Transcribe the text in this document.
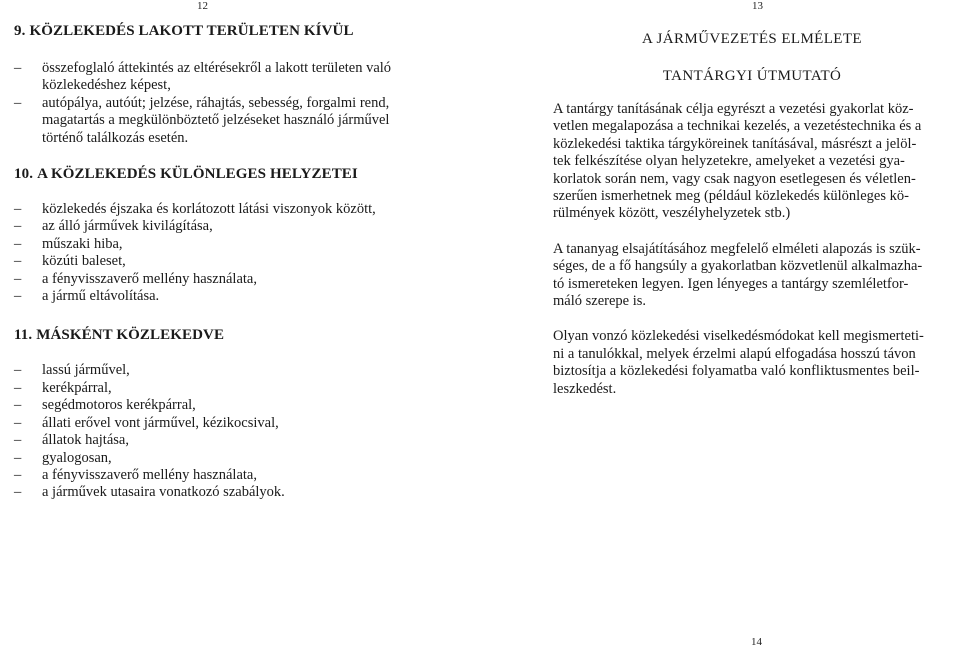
12	13
14
9. KÖZLEKEDÉS LAKOTT TERÜLETEN KÍVÜL
– összefoglaló áttekintés az eltérésekről a lakott területen való
közlekedéshez képest,
– autópálya, autóút; jelzése, ráhajtás, sebesség, forgalmi rend,
magatartás a megkülönböztető jelzéseket használó járművel
történő találkozás esetén.
10. A KÖZLEKEDÉS KÜLÖNLEGES HELYZETEI
– közlekedés éjszaka és korlátozott látási viszonyok között,
– az álló járművek kivilágítása,
– műszaki hiba,
– közúti baleset,
– a fényvisszaverő mellény használata,
– a jármű eltávolítása.
11. MÁSKÉNT KÖZLEKEDVE
– lassú járművel,
– kerékpárral,
– segédmotoros kerékpárral,
– állati erővel vont járművel, kézikocsival,
– állatok hajtása,
– gyalogosan,
– a fényvisszaverő mellény használata,
– a járművek utasaira vonatkozó szabályok.
A JÁRMŰVEZETÉS ELMÉLETE
TANTÁRGYI ÚTMUTATÓ
A tantárgy tanításának célja egyrészt a vezetési gyakorlat köz-
vetlen megalapozása a technikai kezelés, a vezetéstechnika és a
közlekedési taktika tárgyköreinek tanításával, másrészt a jelöl-
tek felkészítése olyan helyzetekre, amelyeket a vezetési gya-
korlatok során nem, vagy csak nagyon esetlegesen és véletlen-
szerűen ismerhetnek meg (például közlekedés különleges kö-
rülmények között, veszélyhelyzetek stb.)
A tananyag elsajátításához megfelelő elméleti alapozás is szük-
séges, de a fő hangsúly a gyakorlatban közvetlenül alkalmazha-
tó ismereteken legyen. Igen lényeges a tantárgy szemléletfor-
máló szerepe is.
Olyan vonzó közlekedési viselkedésmódokat kell megismerteti-
ni a tanulókkal, melyek érzelmi alapú elfogadása hosszú távon
biztosítja a közlekedési folyamatba való konfliktusmentes beil-
leszkedést.
